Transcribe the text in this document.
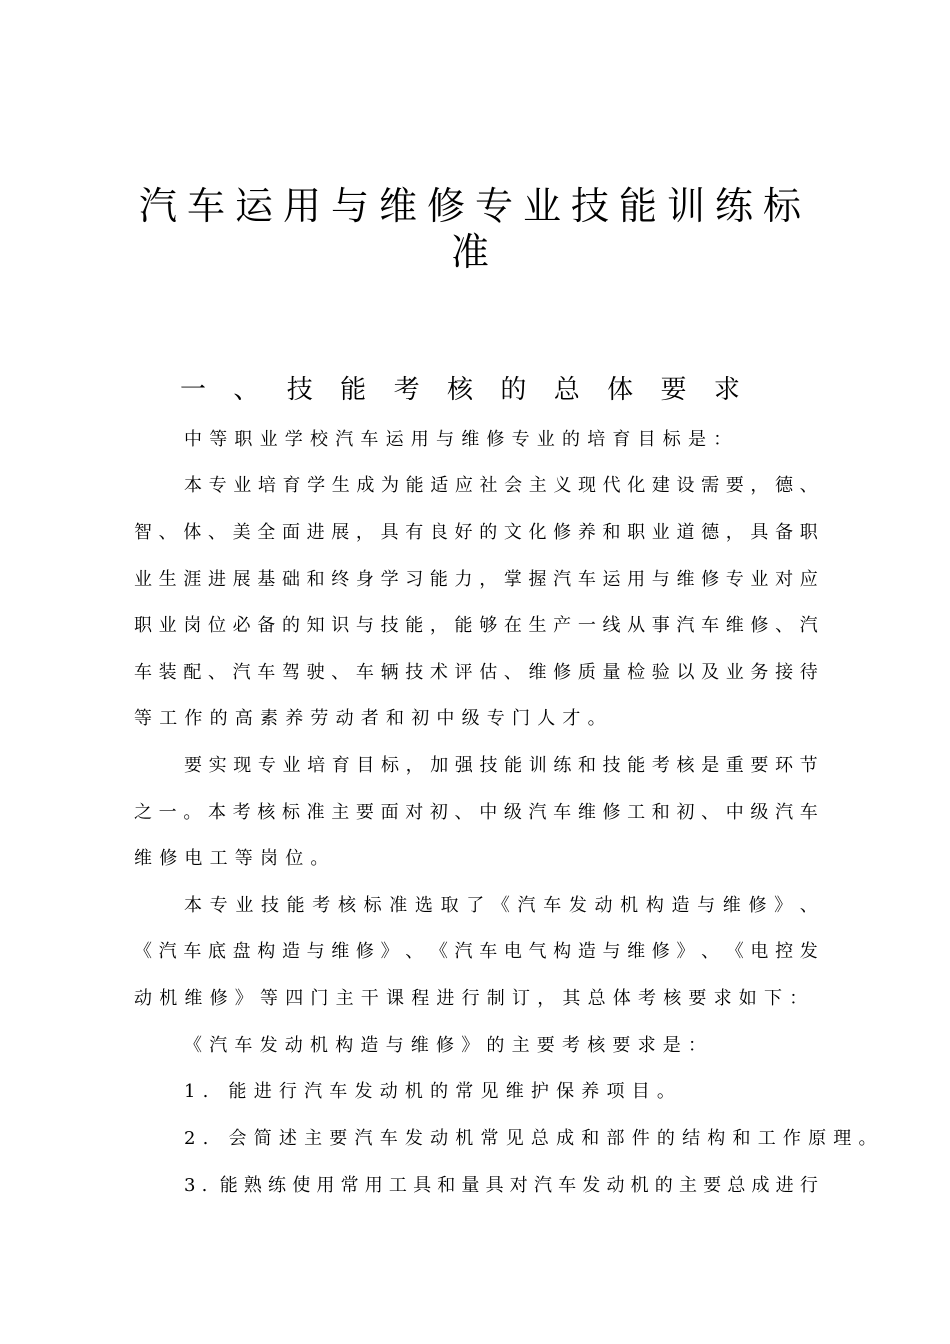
汽车运用与维修专业技能训练标
准
一 、 技 能 考 核 的 总 体 要 求
中等职业学校汽车运用与维修专业的培育目标是：
本 专 业 培 育 学 生 成 为 能 适 应 社 会 主 义 现 代 化 建 设 需 要 ， 德 、
智 、 体 、 美 全 面 进 展 ， 具 有 良 好 的 文 化 修 养 和 职 业 道 德 ， 具 备 职
业 生 涯 进 展 基 础 和 终 身 学 习 能 力 ， 掌 握 汽 车 运 用 与 维 修 专 业 对 应
职 业 岗 位 必 备 的 知 识 与 技 能 ， 能 够 在 生 产 一 线 从 事 汽 车 维 修 、 汽
车 装 配 、 汽 车 驾 驶 、 车 辆 技 术 评 估 、 维 修 质 量 检 验 以 及 业 务 接 待
等工作的高素养劳动者和初中级专门人才。
要 实 现 专 业 培 育 目 标 ， 加 强 技 能 训 练 和 技 能 考 核 是 重 要 环 节
之 一 。 本 考 核 标 准 主 要 面 对 初 、 中 级 汽 车 维 修 工 和 初 、 中 级 汽 车
维修电工等岗位。
本 专 业 技 能 考 核 标 准 选 取 了 《 汽 车 发 动 机 构 造 与 维 修 》 、
《 汽 车 底 盘 构 造 与 维 修 》 、 《 汽 车 电 气 构 造 与 维 修 》 、 《 电 控 发
动机维修》等四门主干课程进行制订，其总体考核要求如下：
《汽车发动机构造与维修》的主要考核要求是：
1. 能进行汽车发动机的常见维护保养项目。
2. 会简述主要汽车发动机常见总成和部件的结构和工作原理。
3 . 能 熟 练 使 用 常 用 工 具 和 量 具 对 汽 车 发 动 机 的 主 要 总 成 进 行
